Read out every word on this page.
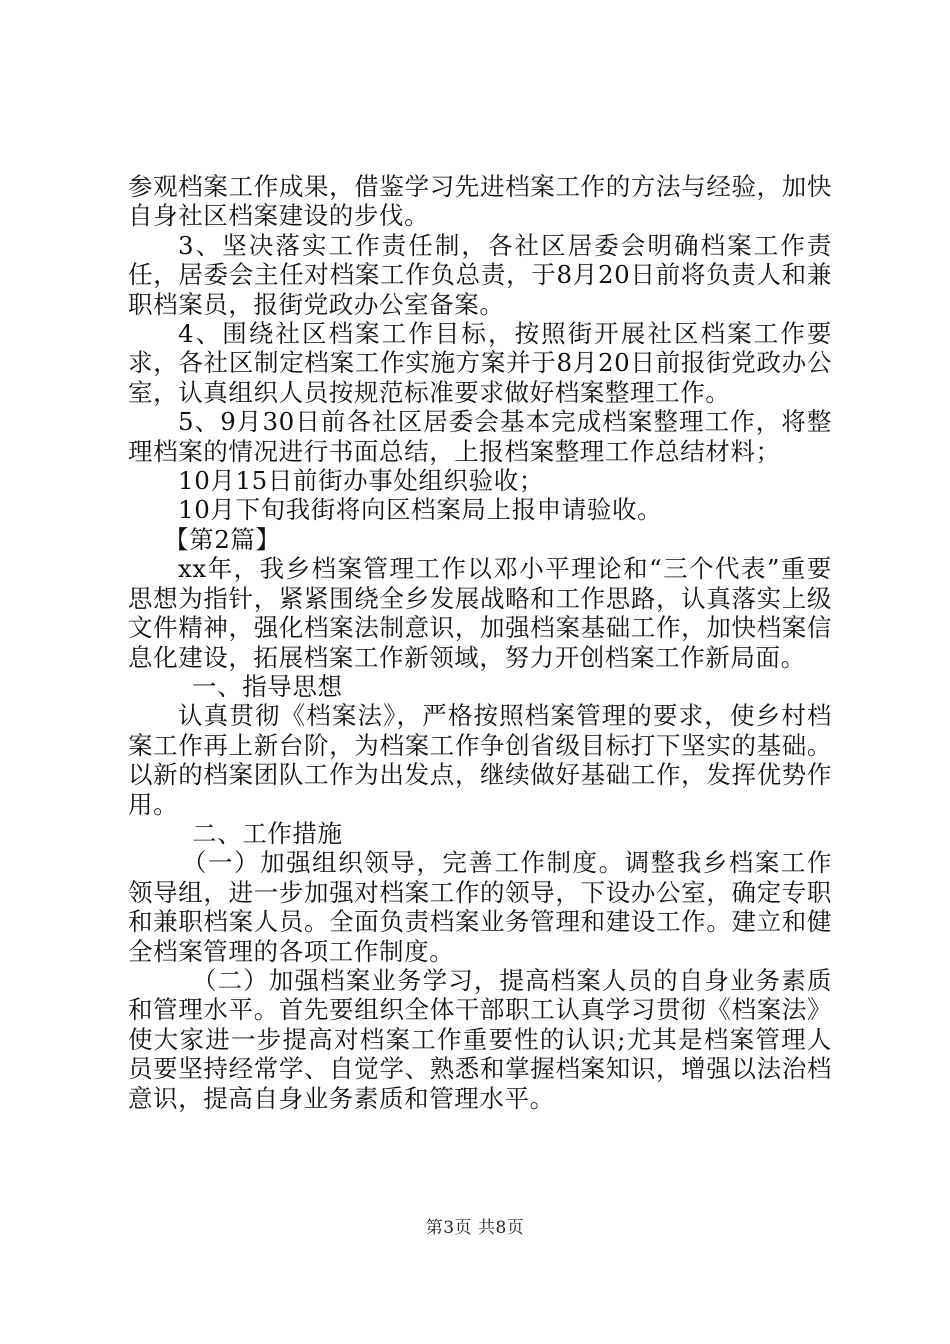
参观档案工作成果，借鉴学习先进档案工作的方法与经验，加快自身社区档案建设的步伐。

3、坚决落实工作责任制，各社区居委会明确档案工作责任，居委会主任对档案工作负总责，于8月20日前将负责人和兼职档案员，报街党政办公室备案。

4、围绕社区档案工作目标，按照街开展社区档案工作要求，各社区制定档案工作实施方案并于8月20日前报街党政办公室，认真组织人员按规范标准要求做好档案整理工作。

5、9月30日前各社区居委会基本完成档案整理工作，将整理档案的情况进行书面总结，上报档案整理工作总结材料；

10月15日前街办事处组织验收；

10月下旬我街将向区档案局上报申请验收。

【第2篇】

xx年，我乡档案管理工作以邓小平理论和“三个代表”重要思想为指针，紧紧围绕全乡发展战略和工作思路，认真落实上级文件精神，强化档案法制意识，加强档案基础工作，加快档案信息化建设，拓展档案工作新领域，努力开创档案工作新局面。

一、指导思想

认真贯彻《档案法》，严格按照档案管理的要求，使乡村档案工作再上新台阶，为档案工作争创省级目标打下坚实的基础。以新的档案团队工作为出发点，继续做好基础工作，发挥优势作用。

二、工作措施

（一）加强组织领导，完善工作制度。调整我乡档案工作领导组，进一步加强对档案工作的领导，下设办公室，确定专职和兼职档案人员。全面负责档案业务管理和建设工作。建立和健全档案管理的各项工作制度。

（二）加强档案业务学习，提高档案人员的自身业务素质和管理水平。首先要组织全体干部职工认真学习贯彻《档案法》使大家进一步提高对档案工作重要性的认识;尤其是档案管理人员要坚持经常学、自觉学、熟悉和掌握档案知识，增强以法治档意识，提高自身业务素质和管理水平。

第3页 共8页
